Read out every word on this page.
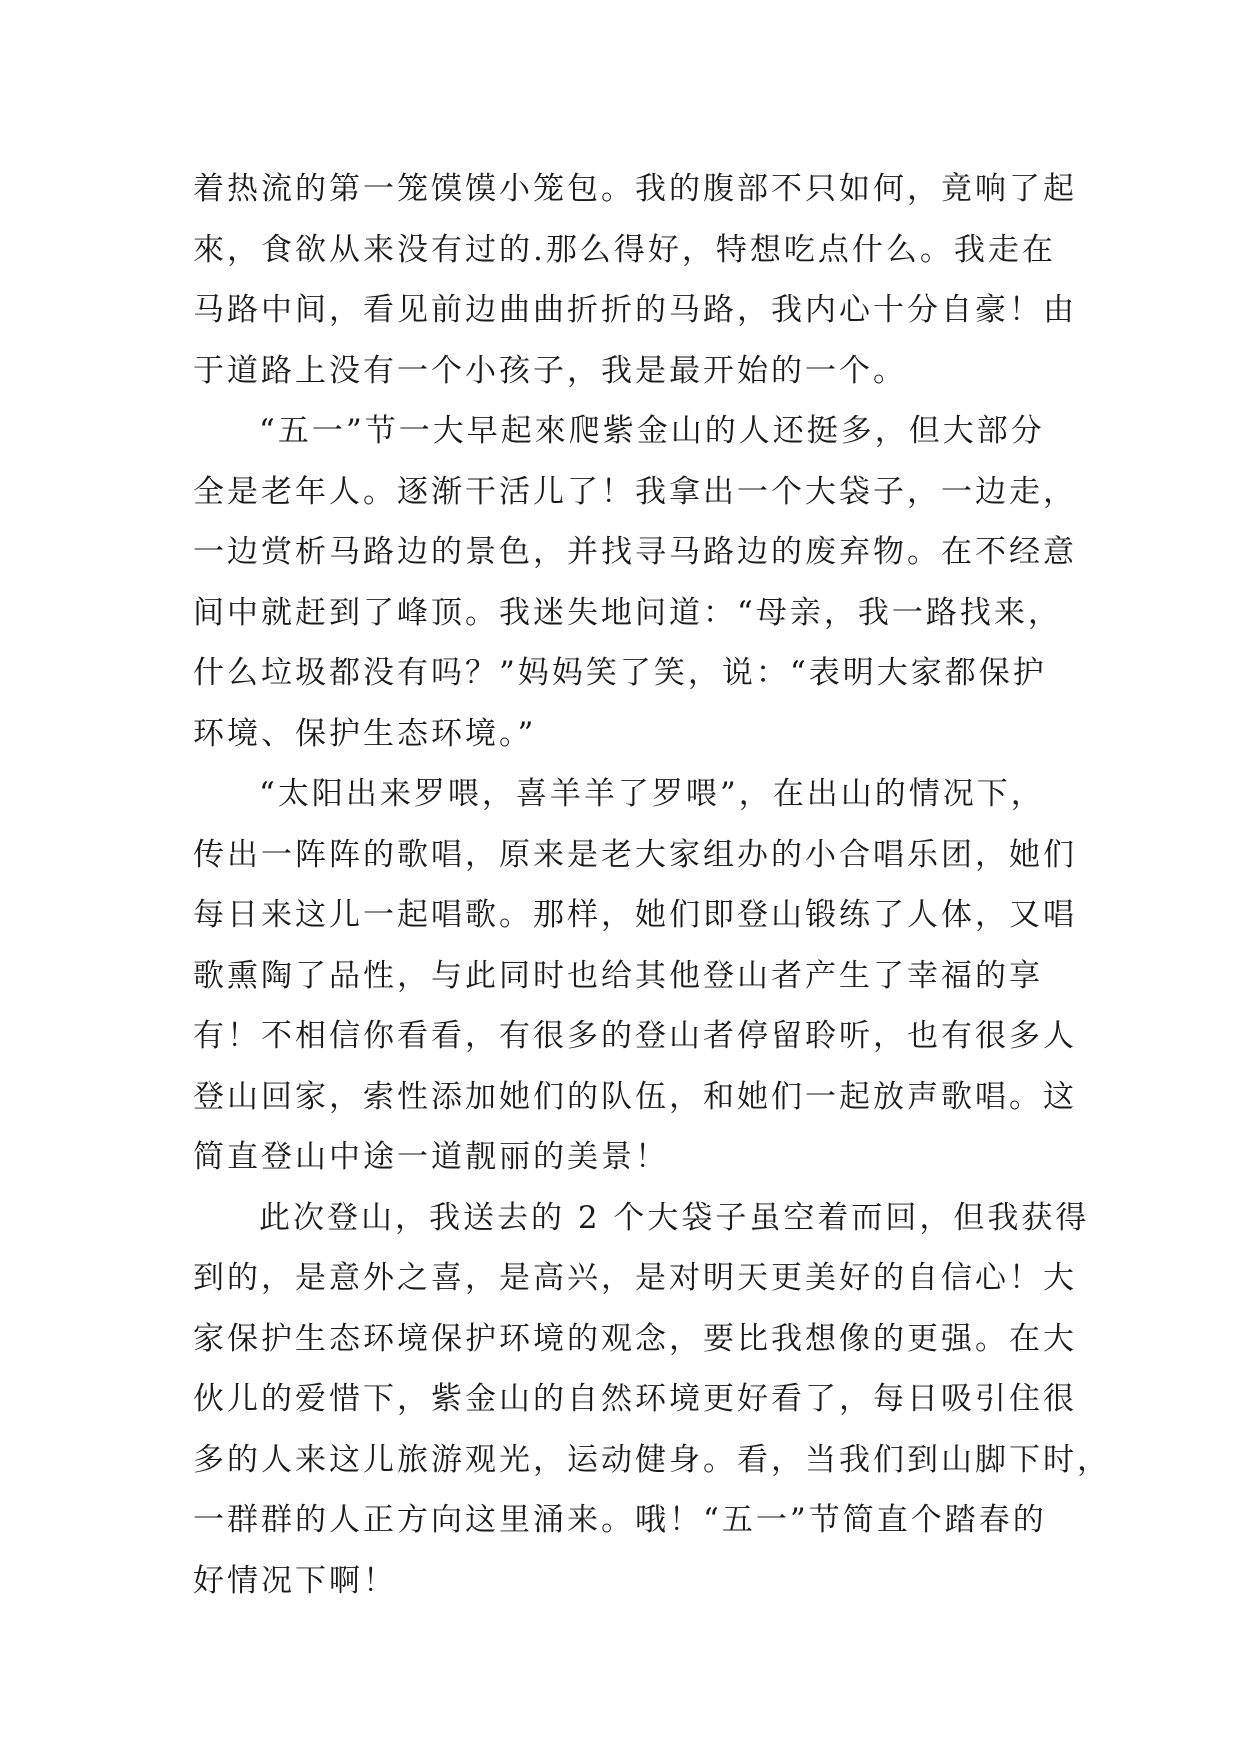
着热流的第一笼馍馍小笼包。我的腹部不只如何，竟响了起
來，食欲从来没有过的.那么得好，特想吃点什么。我走在
马路中间，看见前边曲曲折折的马路，我内心十分自豪！由
于道路上没有一个小孩子，我是最开始的一个。
“五一”节一大早起來爬紫金山的人还挺多，但大部分
全是老年人。逐渐干活儿了！我拿出一个大袋子，一边走，
一边赏析马路边的景色，并找寻马路边的废弃物。在不经意
间中就赶到了峰顶。我迷失地问道：“母亲，我一路找来，
什么垃圾都没有吗？”妈妈笑了笑，说：“表明大家都保护
环境、保护生态环境。”
“太阳出来罗喂，喜羊羊了罗喂”，在出山的情况下，
传出一阵阵的歌唱，原来是老大家组办的小合唱乐团，她们
每日来这儿一起唱歌。那样，她们即登山锻练了人体，又唱
歌熏陶了品性，与此同时也给其他登山者产生了幸福的享
有！不相信你看看，有很多的登山者停留聆听，也有很多人
登山回家，索性添加她们的队伍，和她们一起放声歌唱。这
简直登山中途一道靓丽的美景！
此次登山，我送去的 2 个大袋子虽空着而回，但我获得
到的，是意外之喜，是高兴，是对明天更美好的自信心！大
家保护生态环境保护环境的观念，要比我想像的更强。在大
伙儿的爱惜下，紫金山的自然环境更好看了，每日吸引住很
多的人来这儿旅游观光，运动健身。看，当我们到山脚下时，
一群群的人正方向这里涌来。哦！“五一”节简直个踏春的
好情况下啊！
